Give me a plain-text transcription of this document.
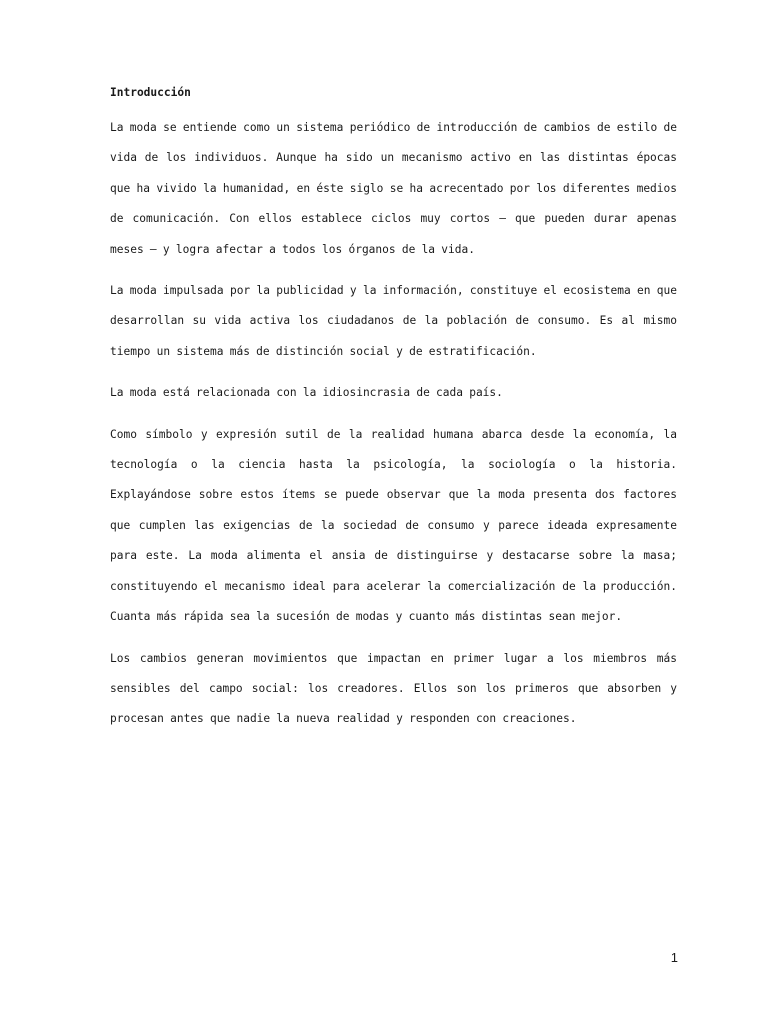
Introducción

La moda se entiende como un sistema periódico de introducción de cambios de estilo de vida de los individuos. Aunque ha sido un mecanismo activo en las distintas épocas que ha vivido la humanidad, en éste siglo se ha acrecentado por los diferentes medios de comunicación. Con ellos establece ciclos muy cortos – que pueden durar apenas meses – y logra afectar a todos los órganos de la vida.

La moda impulsada por la publicidad y la información, constituye el ecosistema en que desarrollan su vida activa los ciudadanos de la población de consumo. Es al mismo tiempo un sistema más de distinción social y de estratificación.

La moda está relacionada con la idiosincrasia de cada país.

Como símbolo y expresión sutil de la realidad humana abarca desde la economía, la tecnología o la ciencia hasta la psicología, la sociología o la historia. Explayándose sobre estos ítems se puede observar que la moda presenta dos factores que cumplen las exigencias de la sociedad de consumo y parece ideada expresamente para este. La moda alimenta el ansia de distinguirse y destacarse sobre la masa; constituyendo el mecanismo ideal para acelerar la comercialización de la producción. Cuanta más rápida sea la sucesión de modas y cuanto más distintas sean mejor.

Los cambios generan movimientos que impactan en primer lugar a los miembros más sensibles del campo social: los creadores. Ellos son los primeros que absorben y procesan antes que nadie la nueva realidad y responden con creaciones.

1
